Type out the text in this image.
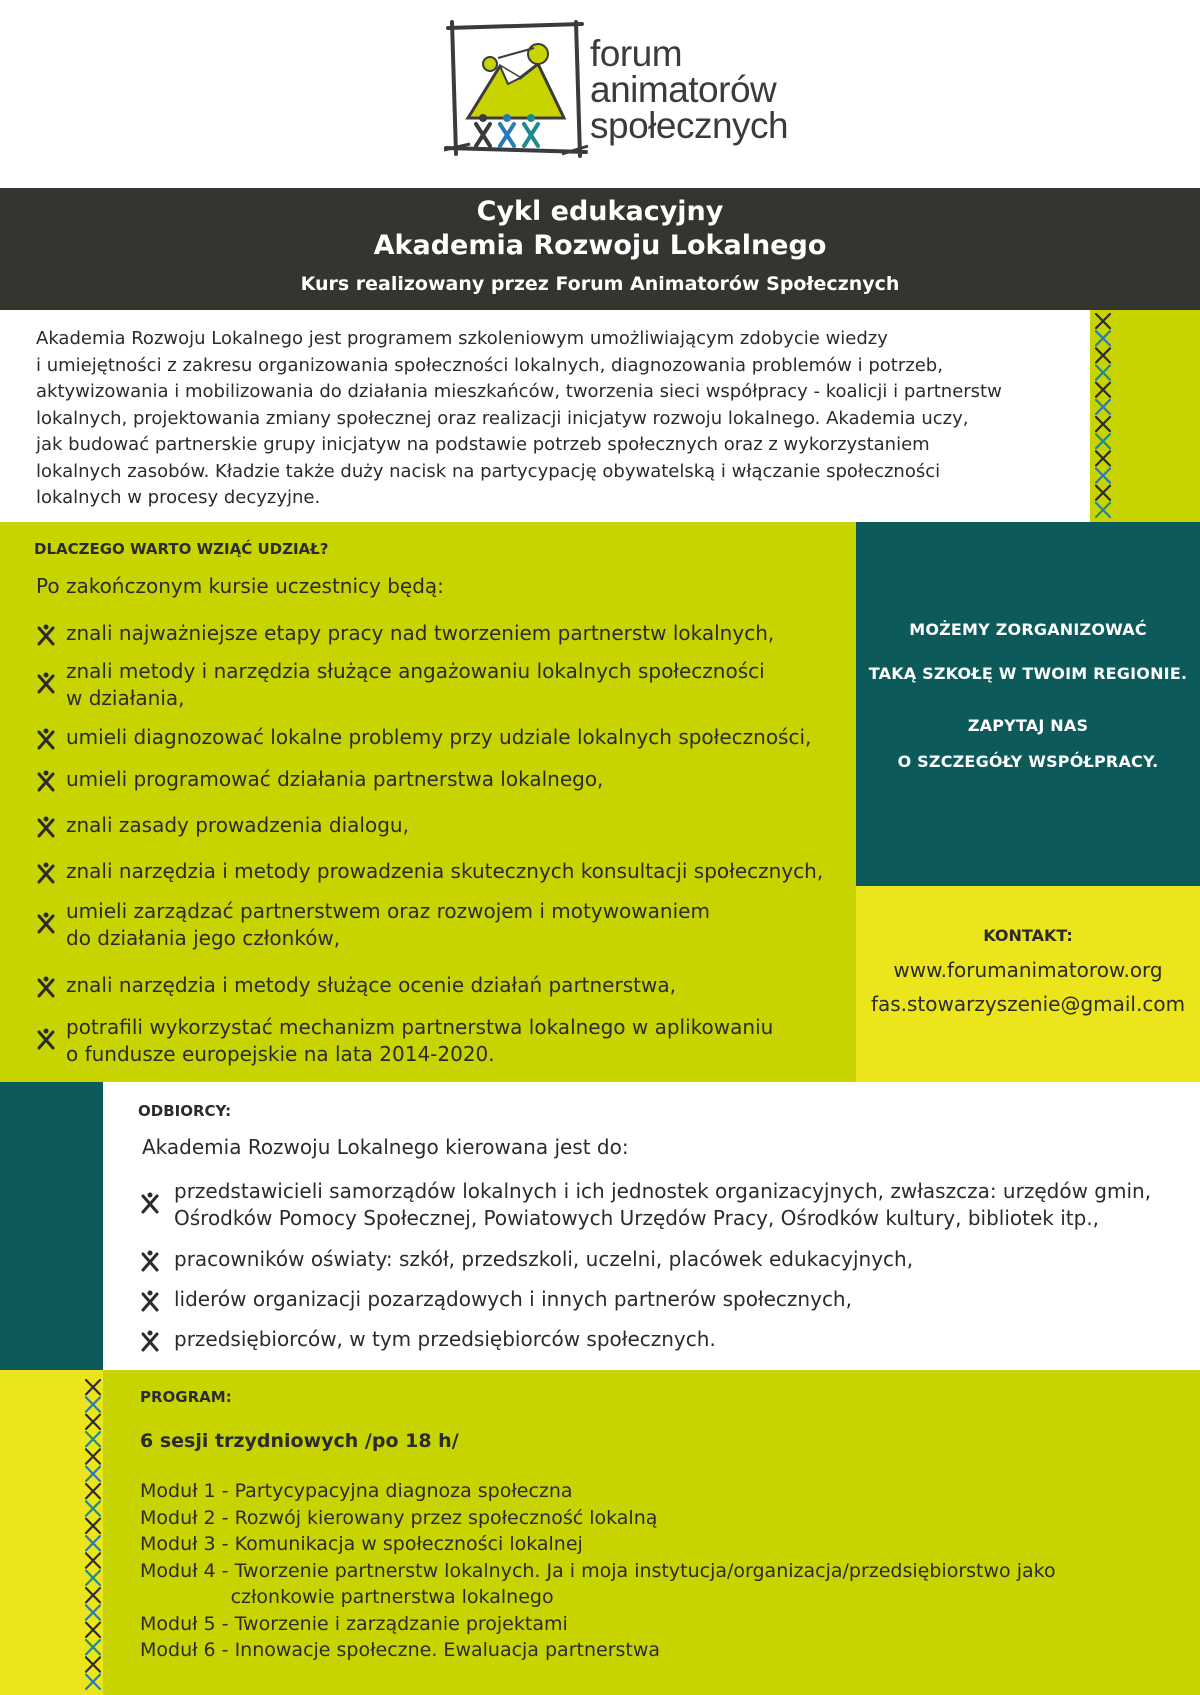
forum
animatorów
społecznych
Cykl edukacyjny
Akademia Rozwoju Lokalnego
Kurs realizowany przez Forum Animatorów Społecznych

Akademia Rozwoju Lokalnego jest programem szkoleniowym umożliwiającym zdobycie wiedzy

i umiejętności z zakresu organizowania społeczności lokalnych, diagnozowania problemów i potrzeb,

aktywizowania i mobilizowania do działania mieszkańców, tworzenia sieci współpracy - koalicji i partnerstw

lokalnych, projektowania zmiany społecznej oraz realizacji inicjatyw rozwoju lokalnego. Akademia uczy,

jak budować partnerskie grupy inicjatyw na podstawie potrzeb społecznych oraz z wykorzystaniem

lokalnych zasobów. Kładzie także duży nacisk na partycypację obywatelską i włączanie społeczności

lokalnych w procesy decyzyjne.

DLACZEGO WARTO WZIĄĆ UDZIAŁ?
Po zakończonym kursie uczestnicy będą:
MOŻEMY ZORGANIZOWAĆ
TAKĄ SZKOŁĘ W TWOIM REGIONIE.
ZAPYTAJ NAS
O SZCZEGÓŁY WSPÓŁPRACY.
KONTAKT:
www.forumanimatorow.org
fas.stowarzyszenie@gmail.com
ODBIORCY:
Akademia Rozwoju Lokalnego kierowana jest do:
PROGRAM:
6 sesji trzydniowych /po 18 h/
znali najważniejsze etapy pracy nad tworzeniem partnerstw lokalnych,
znali metody i narzędzia służące angażowaniu lokalnych społeczności
w działania,
umieli diagnozować lokalne problemy przy udziale lokalnych społeczności,
umieli programować działania partnerstwa lokalnego,
znali zasady prowadzenia dialogu,
znali narzędzia i metody prowadzenia skutecznych konsultacji społecznych,
umieli zarządzać partnerstwem oraz rozwojem i motywowaniem
do działania jego członków,
znali narzędzia i metody służące ocenie działań partnerstwa,
potrafili wykorzystać mechanizm partnerstwa lokalnego w aplikowaniu
o fundusze europejskie na lata 2014-2020.
przedstawicieli samorządów lokalnych i ich jednostek organizacyjnych, zwłaszcza: urzędów gmin,
Ośrodków Pomocy Społecznej, Powiatowych Urzędów Pracy, Ośrodków kultury, bibliotek itp.,
pracowników oświaty: szkół, przedszkoli, uczelni, placówek edukacyjnych,
liderów organizacji pozarządowych i innych partnerów społecznych,
przedsiębiorców, w tym przedsiębiorców społecznych.
Moduł 1 - Partycypacyjna diagnoza społeczna
Moduł 2 - Rozwój kierowany przez społeczność lokalną
Moduł 3 - Komunikacja w społeczności lokalnej
Moduł 4 - Tworzenie partnerstw lokalnych. Ja i moja instytucja/organizacja/przedsiębiorstwo jako
członkowie partnerstwa lokalnego
Moduł 5 - Tworzenie i zarządzanie projektami
Moduł 6 - Innowacje społeczne. Ewaluacja partnerstwa
